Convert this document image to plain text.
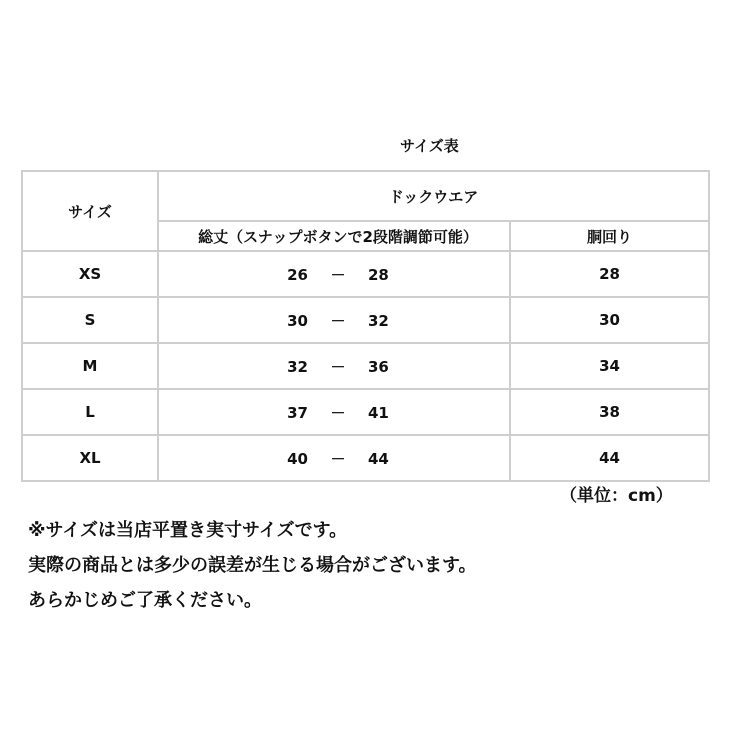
サイズ表
サイズ	ドックウエア	
	総丈（スナップボタンで2段階調節可能）	胴回り
XS	26 － 28	28
S	30 － 32	30
M	32 － 36	34
L	37 － 41	38
XL	40 － 44	44
（単位：cm）
※サイズは当店平置き実寸サイズです。
実際の商品とは多少の誤差が生じる場合がございます。
あらかじめご了承ください。
